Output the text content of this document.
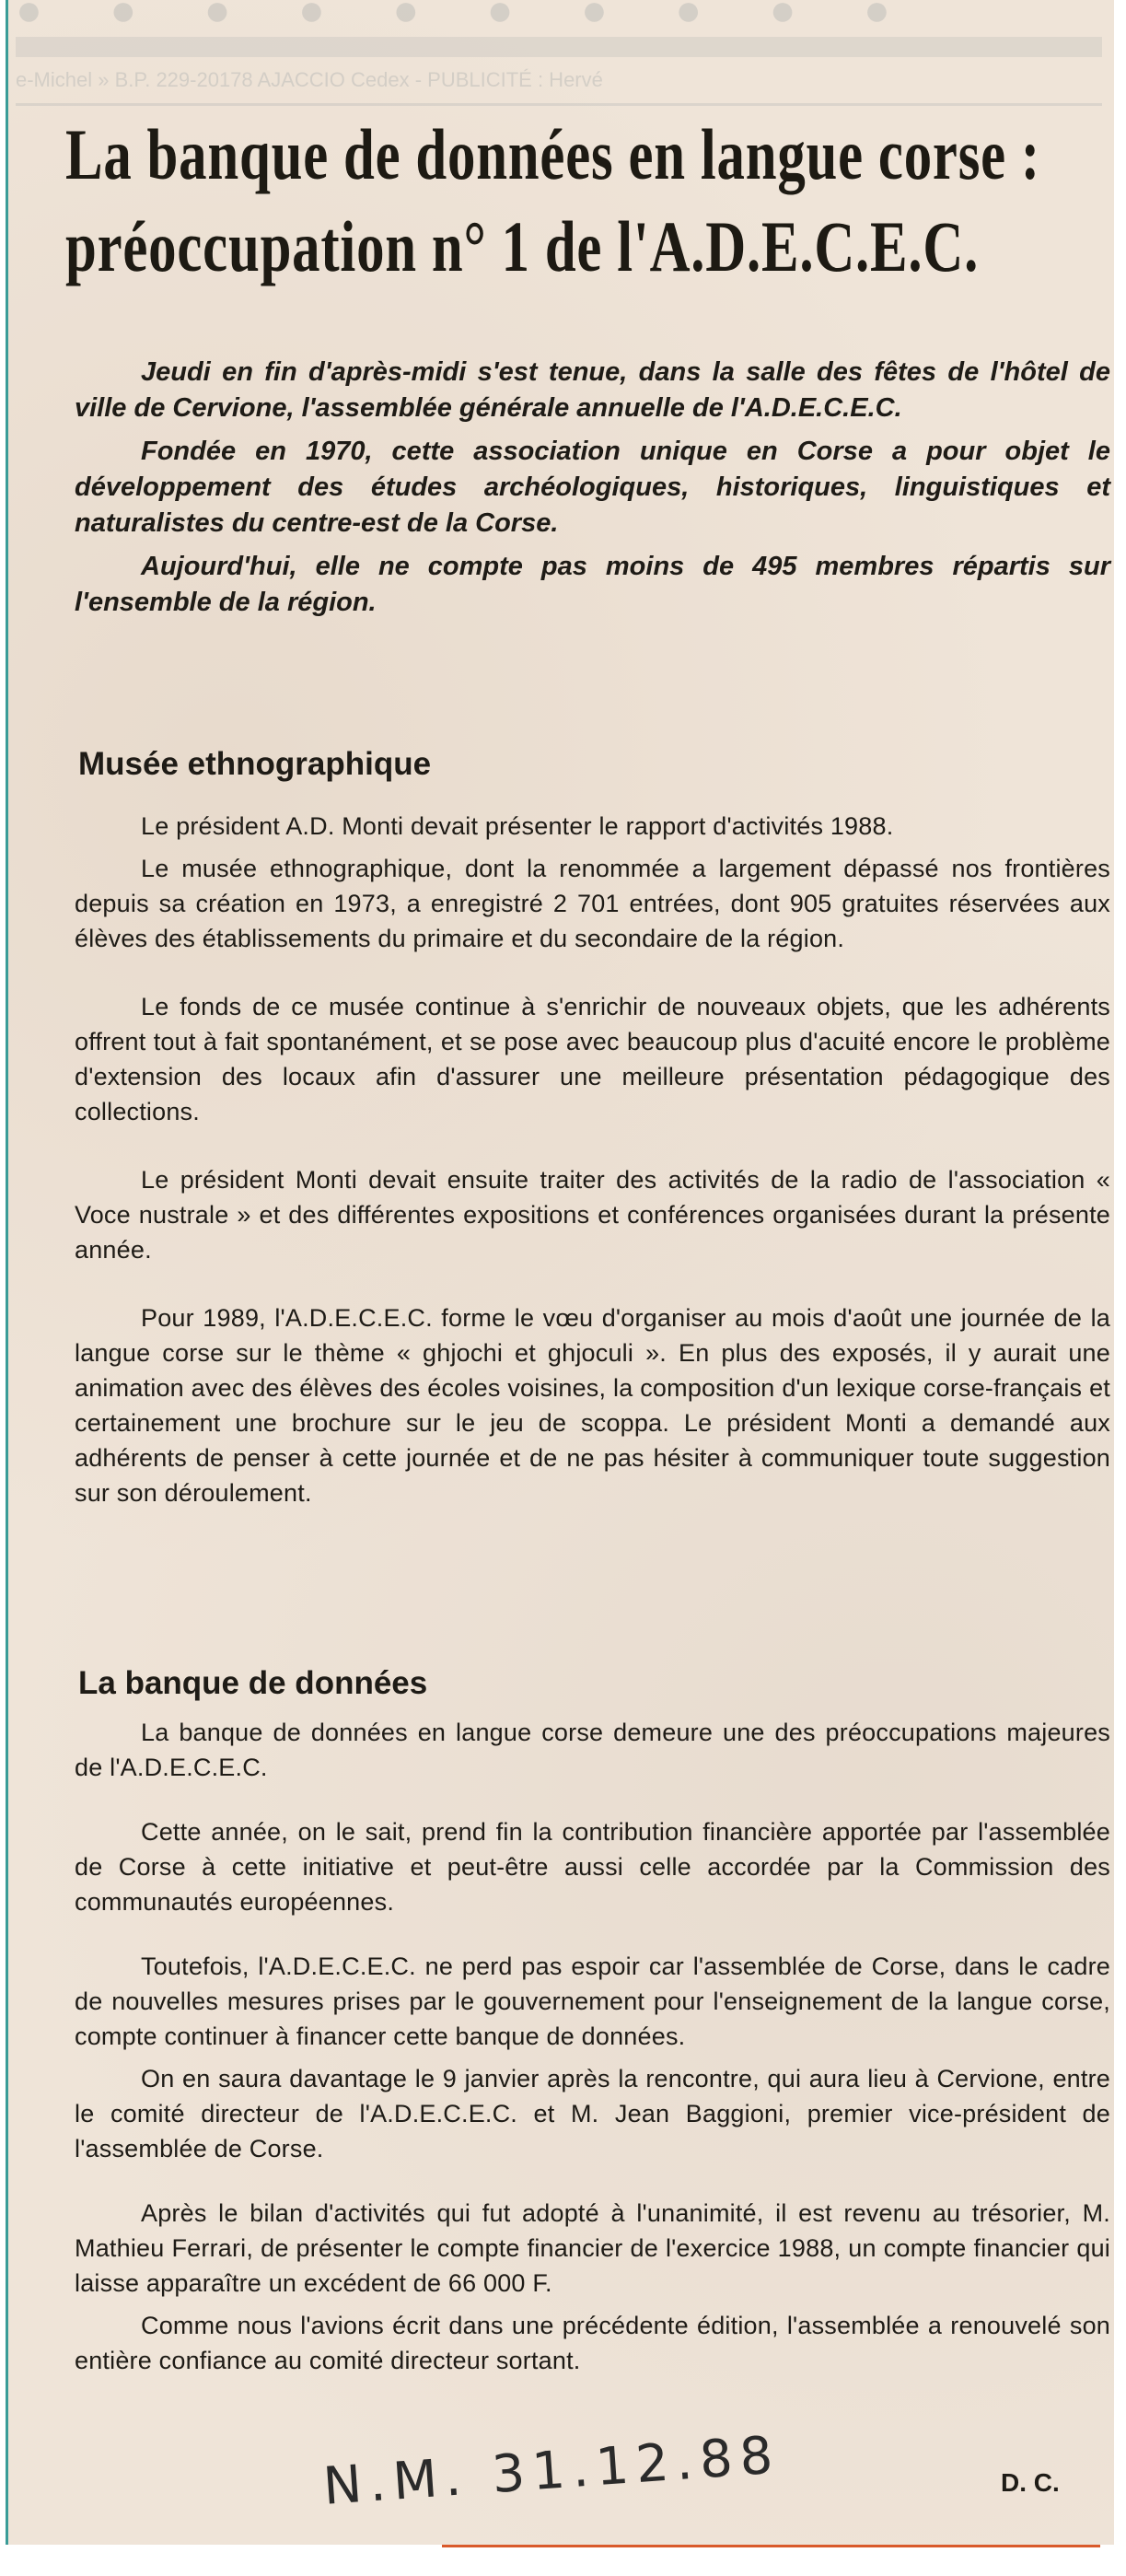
● ● ● ● ● ● ● ● ● ●
e-Michel » B.P. 229-20178 AJACCIO Cedex - PUBLICITÉ : Hervé
La banque de données en langue corse :
préoccupation n° 1 de l'A.D.E.C.E.C.

Jeudi en fin d'après-midi s'est tenue, dans la salle des fêtes de l'hôtel de ville de Cervione, l'assemblée générale annuelle de l'A.D.E.C.E.C.

Fondée en 1970, cette association unique en Corse a pour objet le développement des études archéologiques, historiques, linguistiques et naturalistes du centre-est de la Corse.

Aujourd'hui, elle ne compte pas moins de 495 membres répartis sur l'ensemble de la région.

Musée ethnographique

Le président A.D. Monti devait présenter le rapport d'activités 1988.

Le musée ethnographique, dont la renommée a largement dépassé nos frontières depuis sa création en 1973, a enregistré 2 701 entrées, dont 905 gratuites réservées aux élèves des établissements du primaire et du secondaire de la région.

Le fonds de ce musée continue à s'enrichir de nouveaux objets, que les adhérents offrent tout à fait spontanément, et se pose avec beaucoup plus d'acuité encore le problème d'extension des locaux afin d'assurer une meilleure présentation pédagogique des collections.

Le président Monti devait ensuite traiter des activités de la radio de l'association « Voce nustrale » et des différentes expositions et conférences organisées durant la présente année.

Pour 1989, l'A.D.E.C.E.C. forme le vœu d'organiser au mois d'août une journée de la langue corse sur le thème « ghjochi et ghjoculi ». En plus des exposés, il y aurait une animation avec des élèves des écoles voisines, la composition d'un lexique corse-français et certainement une brochure sur le jeu de scoppa. Le président Monti a demandé aux adhérents de penser à cette journée et de ne pas hésiter à communiquer toute suggestion sur son déroulement.

La banque de données

La banque de données en langue corse demeure une des préoccupations majeures de l'A.D.E.C.E.C.

Cette année, on le sait, prend fin la contribution financière apportée par l'assemblée de Corse à cette initiative et peut-être aussi celle accordée par la Commission des communautés européennes.

Toutefois, l'A.D.E.C.E.C. ne perd pas espoir car l'assemblée de Corse, dans le cadre de nouvelles mesures prises par le gouvernement pour l'enseignement de la langue corse, compte continuer à financer cette banque de données.

On en saura davantage le 9 janvier après la rencontre, qui aura lieu à Cervione, entre le comité directeur de l'A.D.E.C.E.C. et M. Jean Baggioni, premier vice-président de l'assemblée de Corse.

Après le bilan d'activités qui fut adopté à l'unanimité, il est revenu au trésorier, M. Mathieu Ferrari, de présenter le compte financier de l'exercice 1988, un compte financier qui laisse apparaître un excédent de 66 000 F.

Comme nous l'avions écrit dans une précédente édition, l'assemblée a renouvelé son entière confiance au comité directeur sortant.

N.M. 31.12.88	D. C.
